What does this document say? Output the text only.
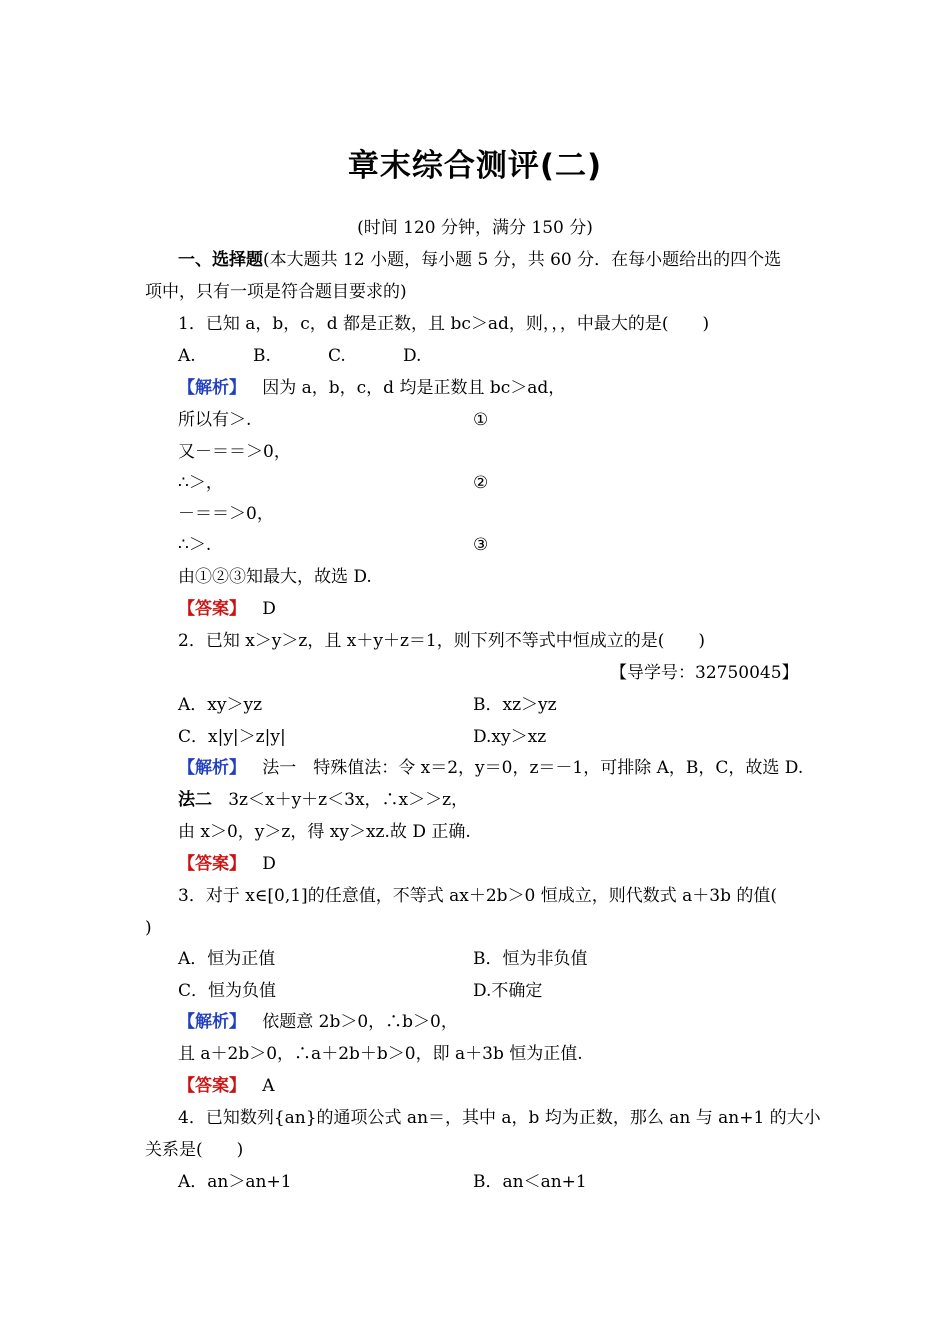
章末综合测评(二)
(时间 120 分钟，满分 150 分)
一、选择题(本大题共 12 小题，每小题 5 分，共 60 分．在每小题给出的四个选
项中，只有一项是符合题目要求的)
1．已知 a，b，c，d 都是正数，且 bc＞ad，则，，，中最大的是(　　)
A.	B.	C.	D.
【解析】 因为 a，b，c，d 均是正数且 bc＞ad，
所以有＞.	①
又－＝＝＞0，
∴＞，	②
－＝＝＞0，
∴＞.	③
由①②③知最大，故选 D.
【答案】 D
2．已知 x＞y＞z，且 x＋y＋z＝1，则下列不等式中恒成立的是(　　)
【导学号：32750045】
A．xy＞yz	B．xz＞yz
C．x|y|＞z|y|	D.xy＞xz
【解析】 法一　特殊值法：令 x＝2，y＝0，z＝－1，可排除 A，B，C，故选 D.
法二 3z＜x＋y＋z＜3x，∴x＞＞z，
由 x＞0，y＞z，得 xy＞xz.故 D 正确.
【答案】 D
3．对于 x∈[0,1]的任意值，不等式 ax＋2b＞0 恒成立，则代数式 a＋3b 的值(
)
A．恒为正值	B．恒为非负值
C．恒为负值	D.不确定
【解析】 依题意 2b＞0，∴b＞0，
且 a＋2b＞0，∴a＋2b＋b＞0，即 a＋3b 恒为正值.
【答案】 A
4．已知数列{an}的通项公式 an＝，其中 a，b 均为正数，那么 an 与 an+1 的大小
关系是(　　)
A．an＞an+1	B．an＜an+1
